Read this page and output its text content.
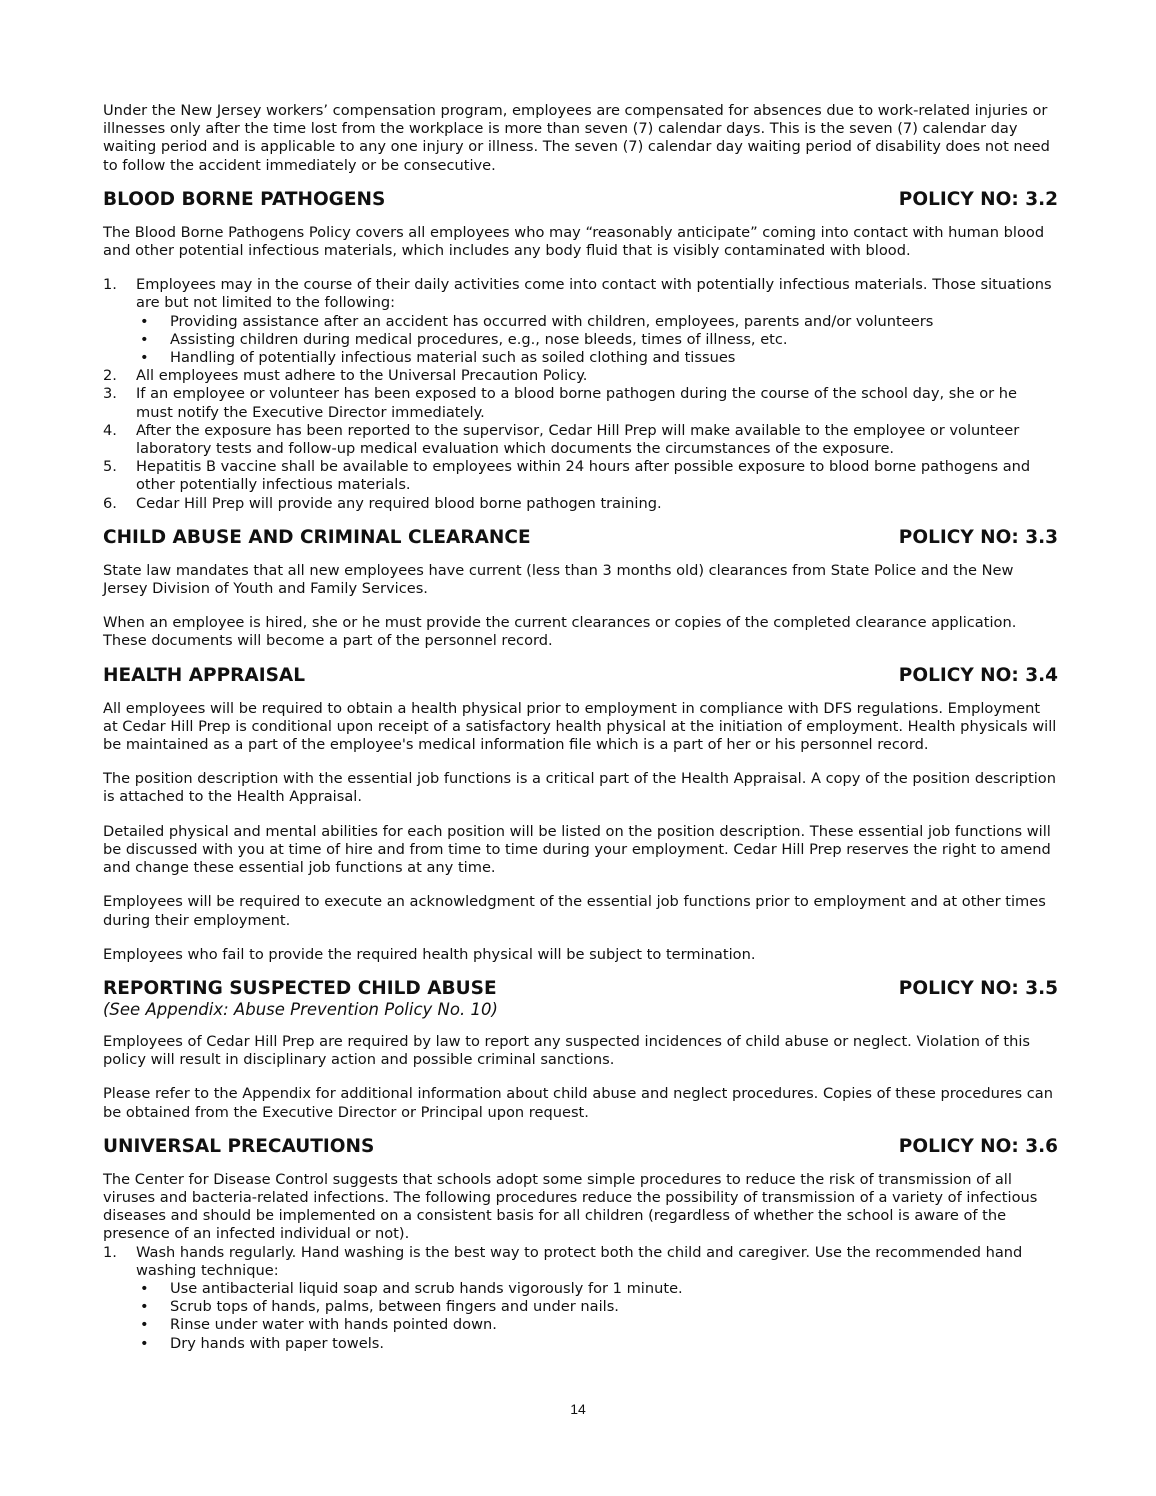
Under the New Jersey workers’ compensation program, employees are compensated for absences due to work-related injuries or illnesses only after the time lost from the workplace is more than seven (7) calendar days. This is the seven (7) calendar day waiting period and is applicable to any one injury or illness. The seven (7) calendar day waiting period of disability does not need to follow the accident immediately or be consecutive.

BLOOD BORNE PATHOGENS	POLICY NO: 3.2

The Blood Borne Pathogens Policy covers all employees who may “reasonably anticipate” coming into contact with human blood and other potential infectious materials, which includes any body fluid that is visibly contaminated with blood.

1. Employees may in the course of their daily activities come into contact with potentially infectious materials. Those situations are but not limited to the following:
• Providing assistance after an accident has occurred with children, employees, parents and/or volunteers
• Assisting children during medical procedures, e.g., nose bleeds, times of illness, etc.
• Handling of potentially infectious material such as soiled clothing and tissues
2. All employees must adhere to the Universal Precaution Policy.
3. If an employee or volunteer has been exposed to a blood borne pathogen during the course of the school day, she or he must notify the Executive Director immediately.
4. After the exposure has been reported to the supervisor, Cedar Hill Prep will make available to the employee or volunteer laboratory tests and follow-up medical evaluation which documents the circumstances of the exposure.
5. Hepatitis B vaccine shall be available to employees within 24 hours after possible exposure to blood borne pathogens and other potentially infectious materials.
6. Cedar Hill Prep will provide any required blood borne pathogen training.
CHILD ABUSE AND CRIMINAL CLEARANCE	POLICY NO: 3.3

State law mandates that all new employees have current (less than 3 months old) clearances from State Police and the New Jersey Division of Youth and Family Services.

When an employee is hired, she or he must provide the current clearances or copies of the completed clearance application. These documents will become a part of the personnel record.

HEALTH APPRAISAL	POLICY NO: 3.4

All employees will be required to obtain a health physical prior to employment in compliance with DFS regulations. Employment at Cedar Hill Prep is conditional upon receipt of a satisfactory health physical at the initiation of employment. Health physicals will be maintained as a part of the employee's medical information file which is a part of her or his personnel record.

The position description with the essential job functions is a critical part of the Health Appraisal. A copy of the position description is attached to the Health Appraisal.

Detailed physical and mental abilities for each position will be listed on the position description. These essential job functions will be discussed with you at time of hire and from time to time during your employment. Cedar Hill Prep reserves the right to amend and change these essential job functions at any time.

Employees will be required to execute an acknowledgment of the essential job functions prior to employment and at other times during their employment.

Employees who fail to provide the required health physical will be subject to termination.

REPORTING SUSPECTED CHILD ABUSE	POLICY NO: 3.5

(See Appendix: Abuse Prevention Policy No. 10)

Employees of Cedar Hill Prep are required by law to report any suspected incidences of child abuse or neglect. Violation of this policy will result in disciplinary action and possible criminal sanctions.

Please refer to the Appendix for additional information about child abuse and neglect procedures. Copies of these procedures can be obtained from the Executive Director or Principal upon request.

UNIVERSAL PRECAUTIONS	POLICY NO: 3.6

The Center for Disease Control suggests that schools adopt some simple procedures to reduce the risk of transmission of all viruses and bacteria-related infections. The following procedures reduce the possibility of transmission of a variety of infectious diseases and should be implemented on a consistent basis for all children (regardless of whether the school is aware of the presence of an infected individual or not).

1. Wash hands regularly. Hand washing is the best way to protect both the child and caregiver. Use the recommended hand washing technique:
• Use antibacterial liquid soap and scrub hands vigorously for 1 minute.
• Scrub tops of hands, palms, between fingers and under nails.
• Rinse under water with hands pointed down.
• Dry hands with paper towels.
14
